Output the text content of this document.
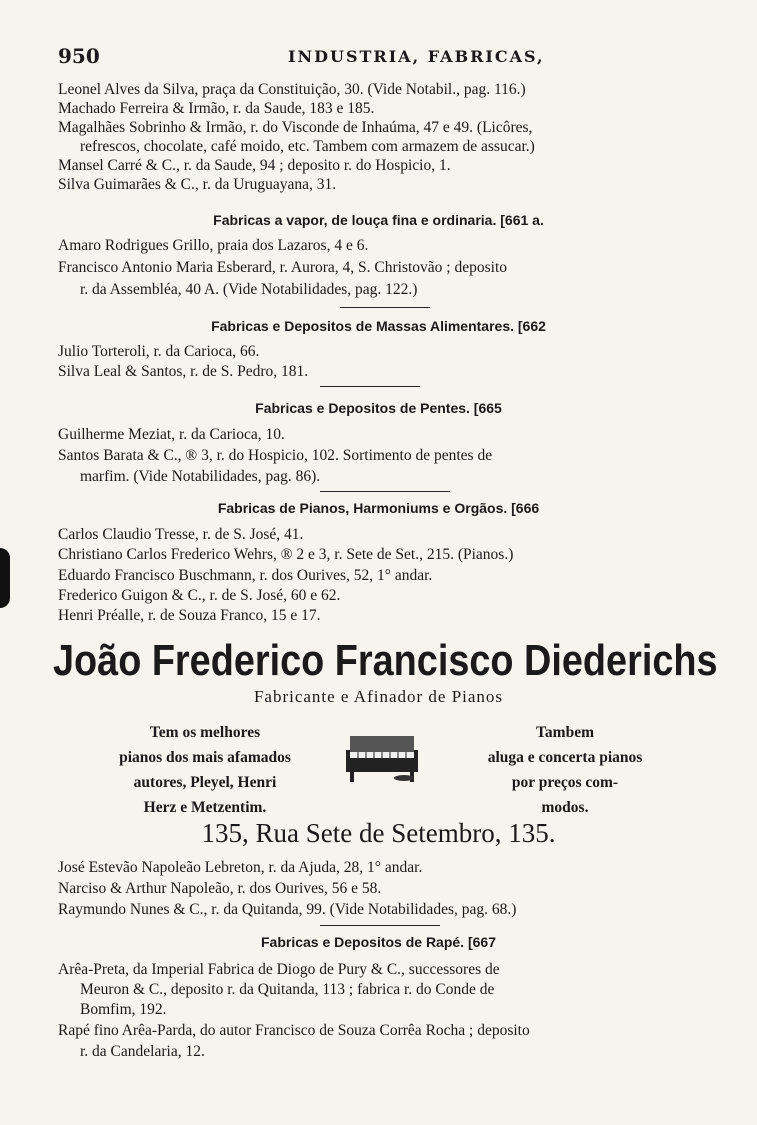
950	INDUSTRIA, FABRICAS,
Leonel Alves da Silva, praça da Constituição, 30. (Vide Notabil., pag. 116.)
Machado Ferreira & Irmão, r. da Saude, 183 e 185.
Magalhães Sobrinho & Irmão, r. do Visconde de Inhaúma, 47 e 49. (Licôres,
refrescos, chocolate, café moido, etc. Tambem com armazem de assucar.)
Mansel Carré & C., r. da Saude, 94 ; deposito r. do Hospicio, 1.
Silva Guimarães & C., r. da Uruguayana, 31.
Fabricas a vapor, de louça fina e ordinaria. [661 a.
Amaro Rodrigues Grillo, praia dos Lazaros, 4 e 6.
Francisco Antonio Maria Esberard, r. Aurora, 4, S. Christovão ; deposito
r. da Assembléa, 40 A. (Vide Notabilidades, pag. 122.)
Fabricas e Depositos de Massas Alimentares. [662
Julio Torteroli, r. da Carioca, 66.
Silva Leal & Santos, r. de S. Pedro, 181.
Fabricas e Depositos de Pentes. [665
Guilherme Meziat, r. da Carioca, 10.
Santos Barata & C., ® 3, r. do Hospicio, 102. Sortimento de pentes de
marfim. (Vide Notabilidades, pag. 86).
Fabricas de Pianos, Harmoniums e Orgãos. [666
Carlos Claudio Tresse, r. de S. José, 41.
Christiano Carlos Frederico Wehrs, ® 2 e 3, r. Sete de Set., 215. (Pianos.)
Eduardo Francisco Buschmann, r. dos Ourives, 52, 1° andar.
Frederico Guigon & C., r. de S. José, 60 e 62.
Henri Préalle, r. de Souza Franco, 15 e 17.
João Frederico Francisco Diederichs
Fabricante e Afinador de Pianos
Tem os melhores
pianos dos mais afamados
autores, Pleyel, Henri
Herz e Metzentim.
Tambem
aluga e concerta pianos
por preços com-
modos.
135, Rua Sete de Setembro, 135.
José Estevão Napoleão Lebreton, r. da Ajuda, 28, 1° andar.
Narciso & Arthur Napoleão, r. dos Ourives, 56 e 58.
Raymundo Nunes & C., r. da Quitanda, 99. (Vide Notabilidades, pag. 68.)
Fabricas e Depositos de Rapé. [667
Arêa-Preta, da Imperial Fabrica de Diogo de Pury & C., successores de
Meuron & C., deposito r. da Quitanda, 113 ; fabrica r. do Conde de
Bomfim, 192.
Rapé fino Arêa-Parda, do autor Francisco de Souza Corrêa Rocha ; deposito
r. da Candelaria, 12.
